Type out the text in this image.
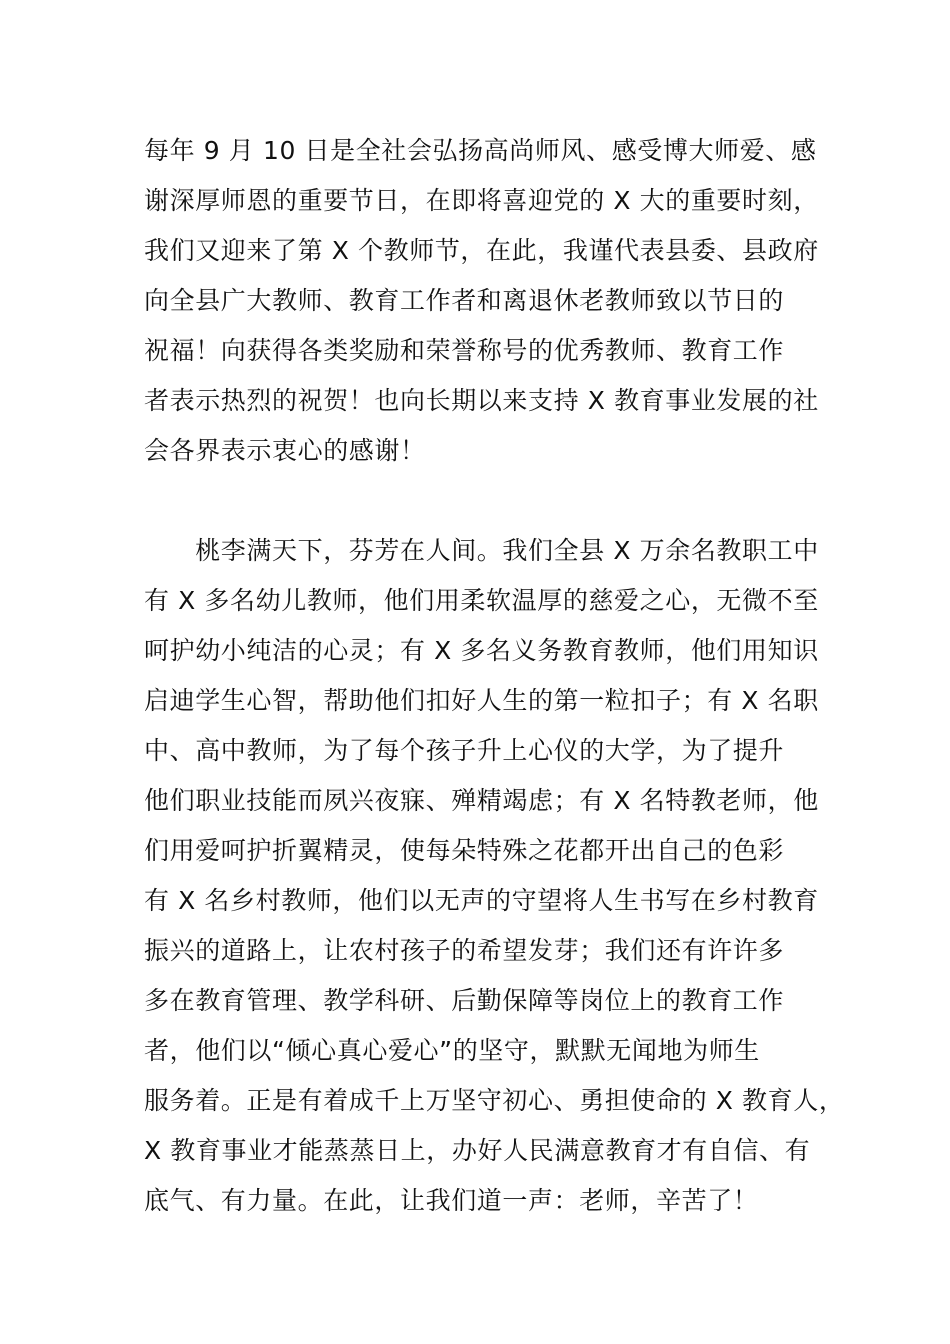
每年 9 月 10 日是全社会弘扬高尚师风、感受博大师爱、感
谢深厚师恩的重要节日，在即将喜迎党的 X 大的重要时刻，
我们又迎来了第 X 个教师节，在此，我谨代表县委、县政府
向全县广大教师、教育工作者和离退休老教师致以节日的
祝福！向获得各类奖励和荣誉称号的优秀教师、教育工作
者表示热烈的祝贺！也向长期以来支持 X 教育事业发展的社
会各界表示衷心的感谢！
　　桃李满天下，芬芳在人间。我们全县 X 万余名教职工中
有 X 多名幼儿教师，他们用柔软温厚的慈爱之心，无微不至
呵护幼小纯洁的心灵；有 X 多名义务教育教师，他们用知识
启迪学生心智，帮助他们扣好人生的第一粒扣子；有 X 名职
中、高中教师，为了每个孩子升上心仪的大学，为了提升
他们职业技能而夙兴夜寐、殚精竭虑；有 X 名特教老师，他
们用爱呵护折翼精灵，使每朵特殊之花都开出自己的色彩
有 X 名乡村教师，他们以无声的守望将人生书写在乡村教育
振兴的道路上，让农村孩子的希望发芽；我们还有许许多
多在教育管理、教学科研、后勤保障等岗位上的教育工作
者，他们以“倾心真心爱心”的坚守，默默无闻地为师生
服务着。正是有着成千上万坚守初心、勇担使命的 X 教育人，
X 教育事业才能蒸蒸日上，办好人民满意教育才有自信、有
底气、有力量。在此，让我们道一声：老师，辛苦了！
